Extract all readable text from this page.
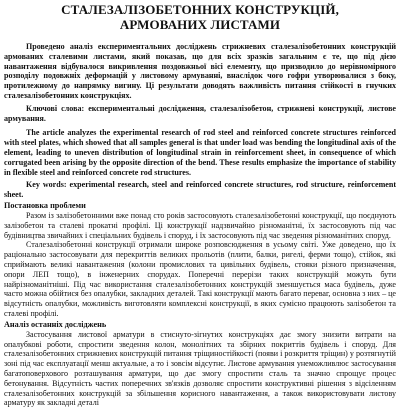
СТАЛЕЗАЛІЗОБЕТОННИХ КОНСТРУКЦІЙ,
АРМОВАНИХ ЛИСТАМИ

Проведено аналіз експериментальних досліджень стрижневих сталезалізобетонних конструкцій армованих сталевими листами, який показав, що для всіх зразків загальним є те, що під дією навантаження відбувалося викривлення поздовжньої вісі елементу, що призводило до нерівномірного розподілу подовжніх деформацій у листовому армуванні, внаслідок чого гофри утворювалися з боку, протилежному до напрямку вигину. Ці результати доводять важливість питання стійкості в гнучких сталезалізобетонних конструкціях.

Ключові слова: експериментальні дослідження, сталезалізобетон, стрижневі конструкції, листове армування.

The article analyzes the experimental research of rod steel and reinforced concrete structures reinforced with steel plates, which showed that all samples general is that under load was bending the longitudinal axis of the element, leading to uneven distribution of longitudinal strain in reinforcement sheet, in consequence of which corrugated been arising by the opposite direction of the bend. These results emphasize the importance of stability in flexible steel and reinforced concrete rod structures.

Key words: experimental research, steel and reinforced concrete structures, rod structure, reinforcement sheet.

Постановка проблеми

Разом із залізобетонними вже понад сто років застосовують сталезалізобетонні конструкції, що поєднують залізобетон та сталеві прокатні профілі. Ці конструкції надзвичайно різноманітні, їх застосовують під час будівництва звичайних і спеціальних будівель і споруд, і їх застосовують під час зведення різноманітних споруд.

Сталезалізобетонні конструкції отримали широке розповсюдження в усьому світі. Уже доведено, що їх раціонально застосовувати для перекриттів великих прольотів (плити, балки, ригелі, ферми тощо), стійок, які сприймають великі навантаження (колони промислових та цивільних будівель, стояки різного призначення, опори ЛЕП тощо), в інженерних спорудах. Поперечні перерізи таких конструкцій можуть бути найрізноманітніші. Під час використання сталезалізобетонних конструкцій зменшується маса будівель, дуже часто можна обійтися без опалубки, закладних деталей. Такі конструкції мають багато переваг, основна з них – це відсутність опалубки, можливість виготовляти комплексні конструкції, в яких сумісно працюють залізобетон та сталеві профілі.

Аналіз останніх досліджень

Застосування листової арматури в стиснуто-зігнутих конструкціях дає змогу знизити витрати на опалубкові роботи, спростити зведення колон, монолітних та збірних покриттів будівель і споруд. Для сталезалізобетонних стрижневих конструкцій питання тріщиностійкості (появи і розкриття тріщин) у розтягнутій зоні під час експлуатації менш актуальне, а то і зовсім відсутнє. Листове армування унеможливлює застосування багатоповерхового розташування арматури, що дає змогу спростити сталь та значно спрощує процес бетонування. Відсутність частих поперечних зв'язків дозволяє спростити конструктивні рішення з відсіленням сталезалізобетонних конструкцій за збільшення корисного навантаження, а також використовувати листову арматуру як закладні деталі
